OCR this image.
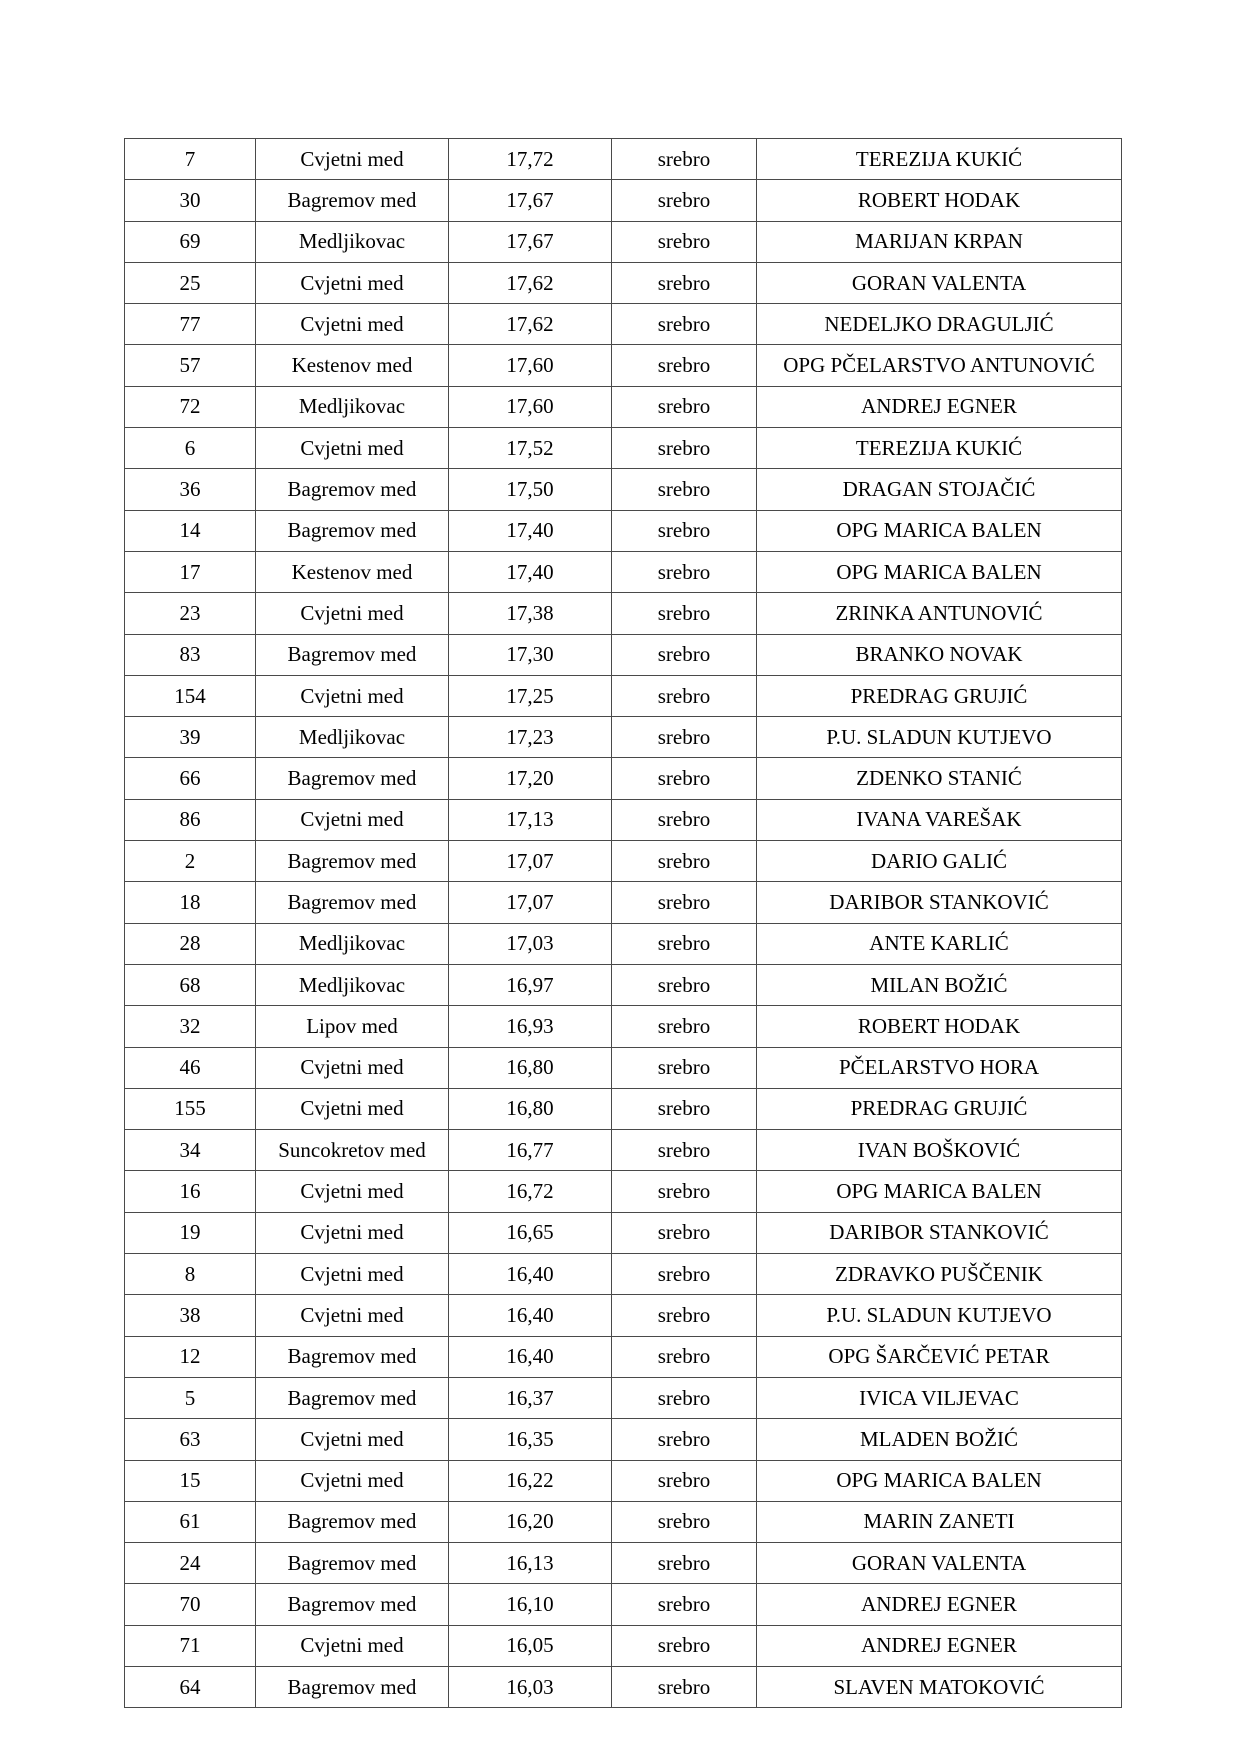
7	Cvjetni med	17,72	srebro	TEREZIJA KUKIĆ
30	Bagremov med	17,67	srebro	ROBERT HODAK
69	Medljikovac	17,67	srebro	MARIJAN KRPAN
25	Cvjetni med	17,62	srebro	GORAN VALENTA
77	Cvjetni med	17,62	srebro	NEDELJKO DRAGULJIĆ
57	Kestenov med	17,60	srebro	OPG PČELARSTVO ANTUNOVIĆ
72	Medljikovac	17,60	srebro	ANDREJ EGNER
6	Cvjetni med	17,52	srebro	TEREZIJA KUKIĆ
36	Bagremov med	17,50	srebro	DRAGAN STOJAČIĆ
14	Bagremov med	17,40	srebro	OPG MARICA BALEN
17	Kestenov med	17,40	srebro	OPG MARICA BALEN
23	Cvjetni med	17,38	srebro	ZRINKA ANTUNOVIĆ
83	Bagremov med	17,30	srebro	BRANKO NOVAK
154	Cvjetni med	17,25	srebro	PREDRAG GRUJIĆ
39	Medljikovac	17,23	srebro	P.U. SLADUN KUTJEVO
66	Bagremov med	17,20	srebro	ZDENKO STANIĆ
86	Cvjetni med	17,13	srebro	IVANA VAREŠAK
2	Bagremov med	17,07	srebro	DARIO GALIĆ
18	Bagremov med	17,07	srebro	DARIBOR STANKOVIĆ
28	Medljikovac	17,03	srebro	ANTE KARLIĆ
68	Medljikovac	16,97	srebro	MILAN BOŽIĆ
32	Lipov med	16,93	srebro	ROBERT HODAK
46	Cvjetni med	16,80	srebro	PČELARSTVO HORA
155	Cvjetni med	16,80	srebro	PREDRAG GRUJIĆ
34	Suncokretov med	16,77	srebro	IVAN BOŠKOVIĆ
16	Cvjetni med	16,72	srebro	OPG MARICA BALEN
19	Cvjetni med	16,65	srebro	DARIBOR STANKOVIĆ
8	Cvjetni med	16,40	srebro	ZDRAVKO PUŠČENIK
38	Cvjetni med	16,40	srebro	P.U. SLADUN KUTJEVO
12	Bagremov med	16,40	srebro	OPG ŠARČEVIĆ PETAR
5	Bagremov med	16,37	srebro	IVICA VILJEVAC
63	Cvjetni med	16,35	srebro	MLADEN BOŽIĆ
15	Cvjetni med	16,22	srebro	OPG MARICA BALEN
61	Bagremov med	16,20	srebro	MARIN ZANETI
24	Bagremov med	16,13	srebro	GORAN VALENTA
70	Bagremov med	16,10	srebro	ANDREJ EGNER
71	Cvjetni med	16,05	srebro	ANDREJ EGNER
64	Bagremov med	16,03	srebro	SLAVEN MATOKOVIĆ
